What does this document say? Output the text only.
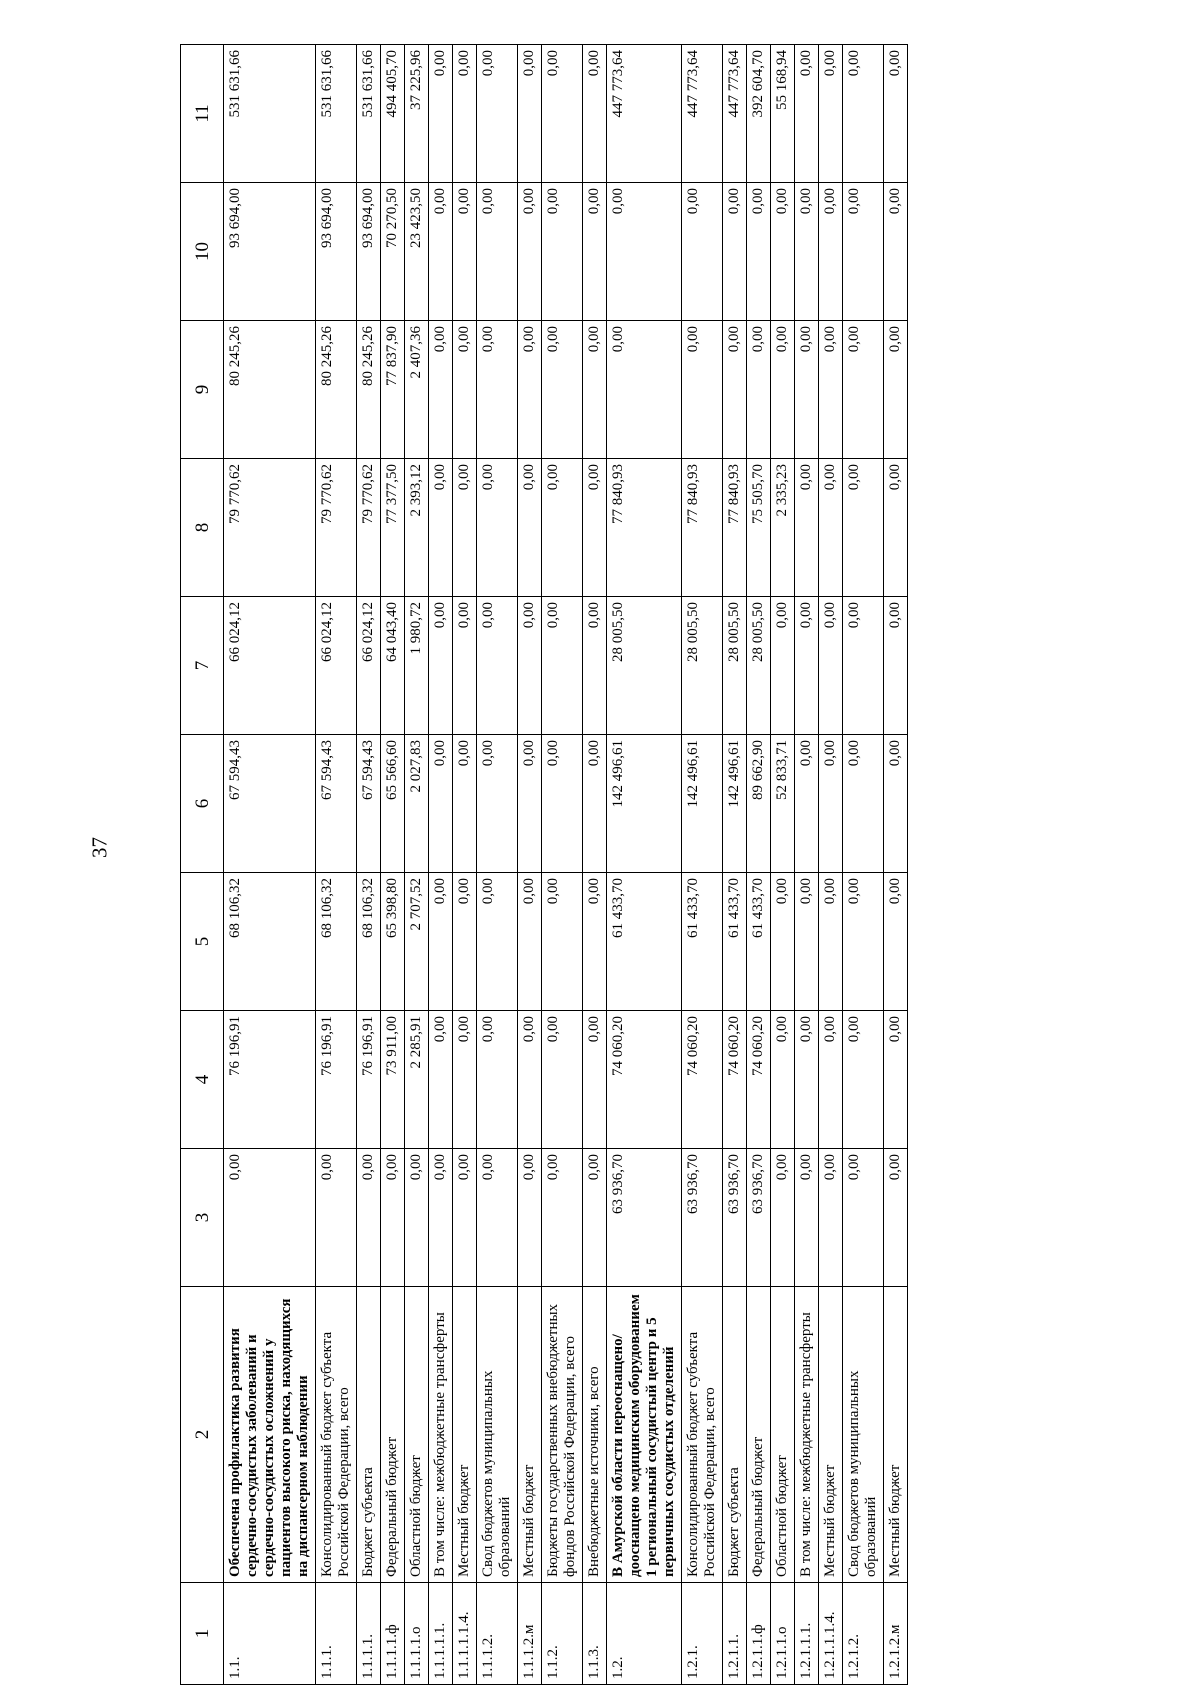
37
1	2	3	4	5	6	7	8	9	10	11
1.1.	Обеспечена профилактика развития сердечно-сосудистых заболеваний и сердечно-сосудистых осложнений у пациентов высокого риска, находящихся на диспансерном наблюдении	0,00	76 196,91	68 106,32	67 594,43	66 024,12	79 770,62	80 245,26	93 694,00	531 631,66
1.1.1.	Консолидированный бюджет субъекта Российской Федерации, всего	0,00	76 196,91	68 106,32	67 594,43	66 024,12	79 770,62	80 245,26	93 694,00	531 631,66
1.1.1.1.	Бюджет субъекта	0,00	76 196,91	68 106,32	67 594,43	66 024,12	79 770,62	80 245,26	93 694,00	531 631,66
1.1.1.1.ф	Федеральный бюджет	0,00	73 911,00	65 398,80	65 566,60	64 043,40	77 377,50	77 837,90	70 270,50	494 405,70
1.1.1.1.о	Областной бюджет	0,00	2 285,91	2 707,52	2 027,83	1 980,72	2 393,12	2 407,36	23 423,50	37 225,96
1.1.1.1.1.	В том числе: межбюджетные трансферты	0,00	0,00	0,00	0,00	0,00	0,00	0,00	0,00	0,00
1.1.1.1.1.4.	Местный бюджет	0,00	0,00	0,00	0,00	0,00	0,00	0,00	0,00	0,00
1.1.1.2.	Свод бюджетов муниципальных образований	0,00	0,00	0,00	0,00	0,00	0,00	0,00	0,00	0,00
1.1.1.2.м	Местный бюджет	0,00	0,00	0,00	0,00	0,00	0,00	0,00	0,00	0,00
1.1.2.	Бюджеты государственных внебюджетных фондов Российской Федерации, всего	0,00	0,00	0,00	0,00	0,00	0,00	0,00	0,00	0,00
1.1.3.	Внебюджетные источники, всего	0,00	0,00	0,00	0,00	0,00	0,00	0,00	0,00	0,00
1.2.	В Амурской области переоснащено/дооснащено медицинским оборудованием 1 региональный сосудистый центр и 5 первичных сосудистых отделений	63 936,70	74 060,20	61 433,70	142 496,61	28 005,50	77 840,93	0,00	0,00	447 773,64
1.2.1.	Консолидированный бюджет субъекта Российской Федерации, всего	63 936,70	74 060,20	61 433,70	142 496,61	28 005,50	77 840,93	0,00	0,00	447 773,64
1.2.1.1.	Бюджет субъекта	63 936,70	74 060,20	61 433,70	142 496,61	28 005,50	77 840,93	0,00	0,00	447 773,64
1.2.1.1.ф	Федеральный бюджет	63 936,70	74 060,20	61 433,70	89 662,90	28 005,50	75 505,70	0,00	0,00	392 604,70
1.2.1.1.о	Областной бюджет	0,00	0,00	0,00	52 833,71	0,00	2 335,23	0,00	0,00	55 168,94
1.2.1.1.1.	В том числе: межбюджетные трансферты	0,00	0,00	0,00	0,00	0,00	0,00	0,00	0,00	0,00
1.2.1.1.1.4.	Местный бюджет	0,00	0,00	0,00	0,00	0,00	0,00	0,00	0,00	0,00
1.2.1.2.	Свод бюджетов муниципальных образований	0,00	0,00	0,00	0,00	0,00	0,00	0,00	0,00	0,00
1.2.1.2.м	Местный бюджет	0,00	0,00	0,00	0,00	0,00	0,00	0,00	0,00	0,00
